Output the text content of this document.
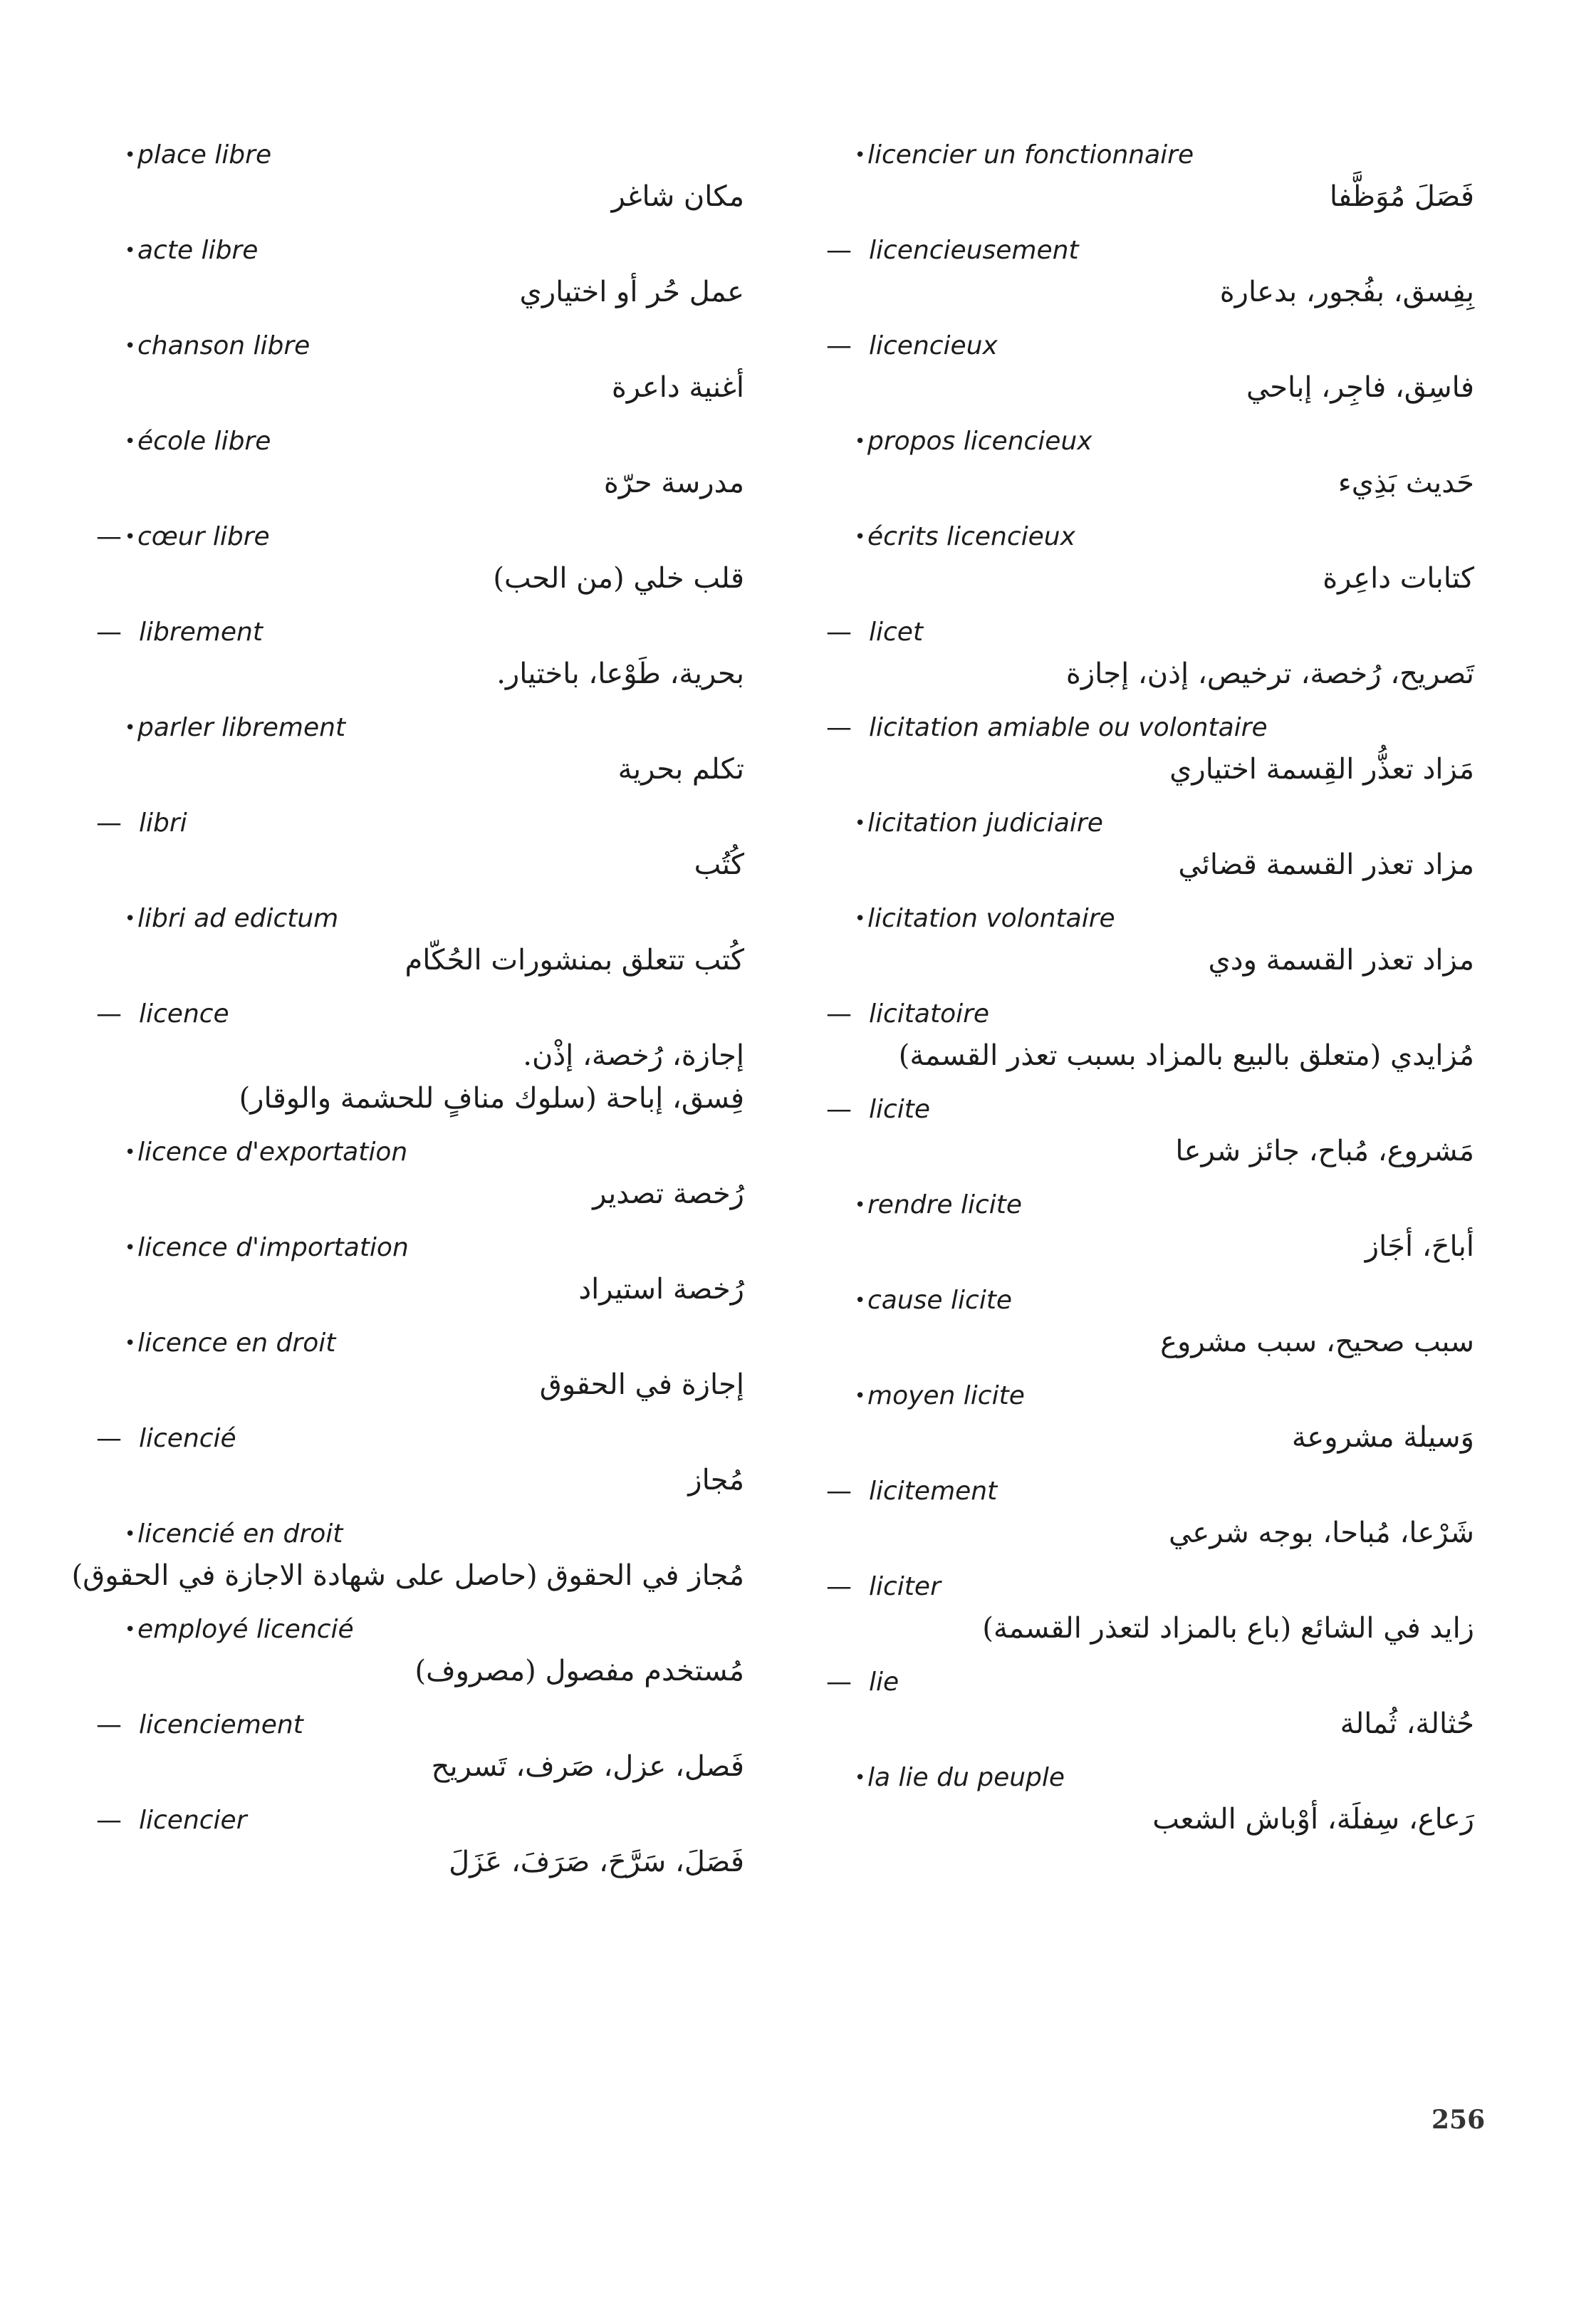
• place libre
مكان شاغر
• acte libre
عمل حُر أو اختياري
• chanson libre
أغنية داعرة
• école libre
مدرسة حرّة
•
— cœur libre
قلب خلي (من الحب)
— librement
بحرية، طَوْعا، باختيار.
• parler librement
تكلم بحرية
— libri
كُتُب
• libri ad edictum
كُتب تتعلق بمنشورات الحُكّام
— licence
إجازة، رُخصة، إذْن.
فِسق، إباحة (سلوك منافٍ للحشمة والوقار)
• licence d'exportation
رُخصة تصدير
• licence d'importation
رُخصة استيراد
• licence en droit
إجازة في الحقوق
— licencié
مُجاز
• licencié en droit
مُجاز في الحقوق (حاصل على شهادة الاجازة في الحقوق)
• employé licencié
مُستخدم مفصول (مصروف)
— licenciement
فَصل، عزل، صَرف، تَسريح
— licencier
فَصَلَ، سَرَّحَ، صَرَفَ، عَزَلَ
• licencier un fonctionnaire
فَصَلَ مُوَظَّفا
— licencieusement
بِفِسق، بفُجور، بدعارة
— licencieux
فاسِق، فاجِر، إباحي
• propos licencieux
حَديث بَذِيء
• écrits licencieux
كتابات داعِرة
— licet
تَصريح، رُخصة، ترخيص، إذن، إجازة
— licitation amiable ou volontaire
مَزاد تعذُّر القِسمة اختياري
• licitation judiciaire
مزاد تعذر القسمة قضائي
• licitation volontaire
مزاد تعذر القسمة ودي
— licitatoire
مُزايدي (متعلق بالبيع بالمزاد بسبب تعذر القسمة)
— licite
مَشروع، مُباح، جائز شرعا
• rendre licite
أباحَ، أجَاز
• cause licite
سبب صحيح، سبب مشروع
• moyen licite
وَسيلة مشروعة
— licitement
شَرْعا، مُباحا، بوجه شرعي
— liciter
زايد في الشائع (باع بالمزاد لتعذر القسمة)
— lie
حُثالة، ثُمالة
• la lie du peuple
رَعاع، سِفلَة، أوْباش الشعب
256
